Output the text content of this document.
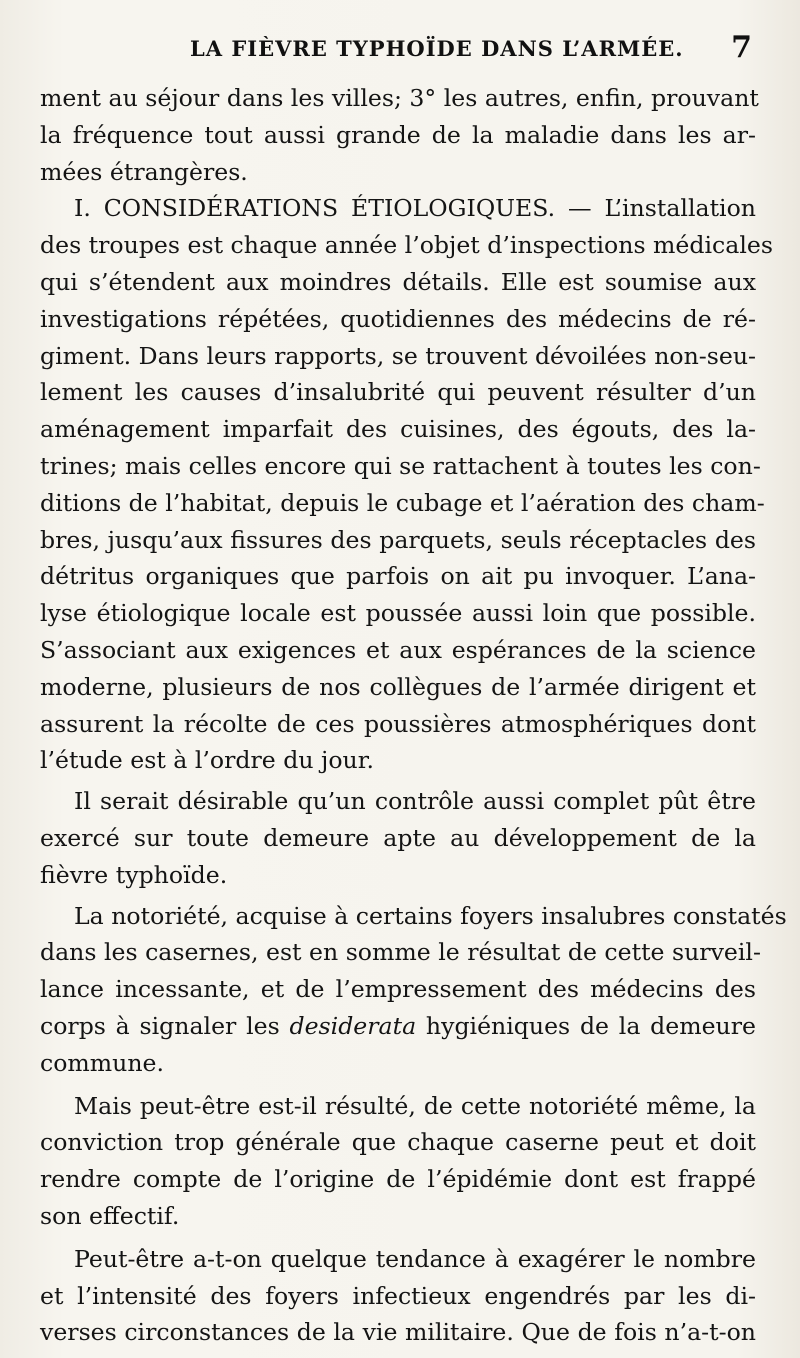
LA FIÈVRE TYPHOÏDE DANS L’ARMÉE. 7
ment au séjour dans les villes; 3° les autres, enfin, prouvant
la fréquence tout aussi grande de la maladie dans les ar-
mées étrangères.
I. CONSIDÉRATIONS ÉTIOLOGIQUES. — L’installation
des troupes est chaque année l’objet d’inspections médicales
qui s’étendent aux moindres détails. Elle est soumise aux
investigations répétées, quotidiennes des médecins de ré-
giment. Dans leurs rapports, se trouvent dévoilées non-seu-
lement les causes d’insalubrité qui peuvent résulter d’un
aménagement imparfait des cuisines, des égouts, des la-
trines; mais celles encore qui se rattachent à toutes les con-
ditions de l’habitat, depuis le cubage et l’aération des cham-
bres, jusqu’aux fissures des parquets, seuls réceptacles des
détritus organiques que parfois on ait pu invoquer. L’ana-
lyse étiologique locale est poussée aussi loin que possible.
S’associant aux exigences et aux espérances de la science
moderne, plusieurs de nos collègues de l’armée dirigent et
assurent la récolte de ces poussières atmosphériques dont
l’étude est à l’ordre du jour.
Il serait désirable qu’un contrôle aussi complet pût être
exercé sur toute demeure apte au développement de la
fièvre typhoïde.
La notoriété, acquise à certains foyers insalubres constatés
dans les casernes, est en somme le résultat de cette surveil-
lance incessante, et de l’empressement des médecins des
corps à signaler les desiderata hygiéniques de la demeure
commune.
Mais peut-être est-il résulté, de cette notoriété même, la
conviction trop générale que chaque caserne peut et doit
rendre compte de l’origine de l’épidémie dont est frappé
son effectif.
Peut-être a-t-on quelque tendance à exagérer le nombre
et l’intensité des foyers infectieux engendrés par les di-
verses circonstances de la vie militaire. Que de fois n’a-t-on
